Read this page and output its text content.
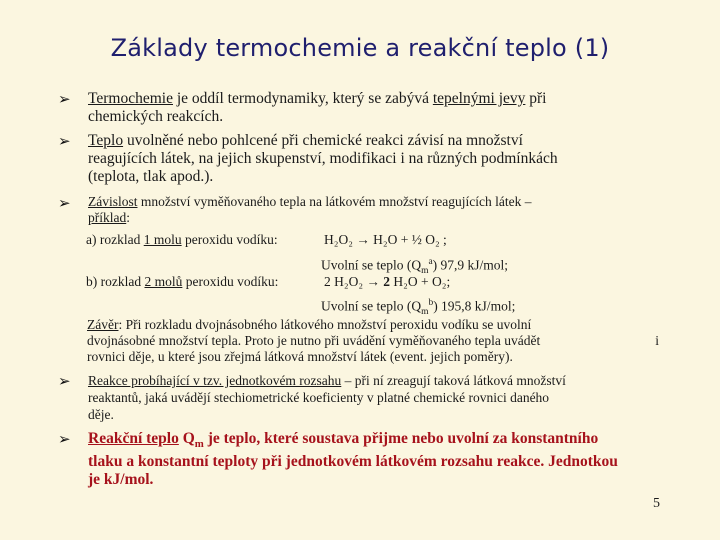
Základy termochemie a reakční teplo (1)
➢ Termochemie je oddíl termodynamiky, který se zabývá tepelnými jevy při
chemických reakcích.
➢ Teplo uvolněné nebo pohlcené při chemické reakci závisí na množství
reagujících látek, na jejich skupenství, modifikaci i na různých podmínkách
(teplota, tlak apod.).
➢ Závislost množství vyměňovaného tepla na látkovém množství reagujících látek –
příklad:
a) rozklad 1 molu peroxidu vodíku:	H₂O₂ → H₂O + ½ O₂ ;
Uvolní se teplo $(Q_m^a)$ 97,9 kJ/mol;
b) rozklad 2 molů peroxidu vodíku:	2 H₂O₂ → 2 H₂O + O₂;
Uvolní se teplo $(Q_m^b)$ 195,8 kJ/mol;
Závěr: Při rozkladu dvojnásobného látkového množství peroxidu vodíku se uvolní
dvojnásobné množství tepla. Proto je nutno při uvádění vyměňovaného tepla uvádět	i

rovnici děje, u které jsou zřejmá látková množství látek (event. jejich poměry).
➢ Reakce probíhající v tzv. jednotkovém rozsahu – při ní zreagují taková látková množství
reaktantů, jaká uvádějí stechiometrické koeficienty v platné chemické rovnici daného
děje.
➢ Reakční teplo $Q_m$ je teplo, které soustava přijme nebo uvolní za konstantního
tlaku a konstantní teploty při jednotkovém látkovém rozsahu reakce. Jednotkou
je kJ/mol.
5
